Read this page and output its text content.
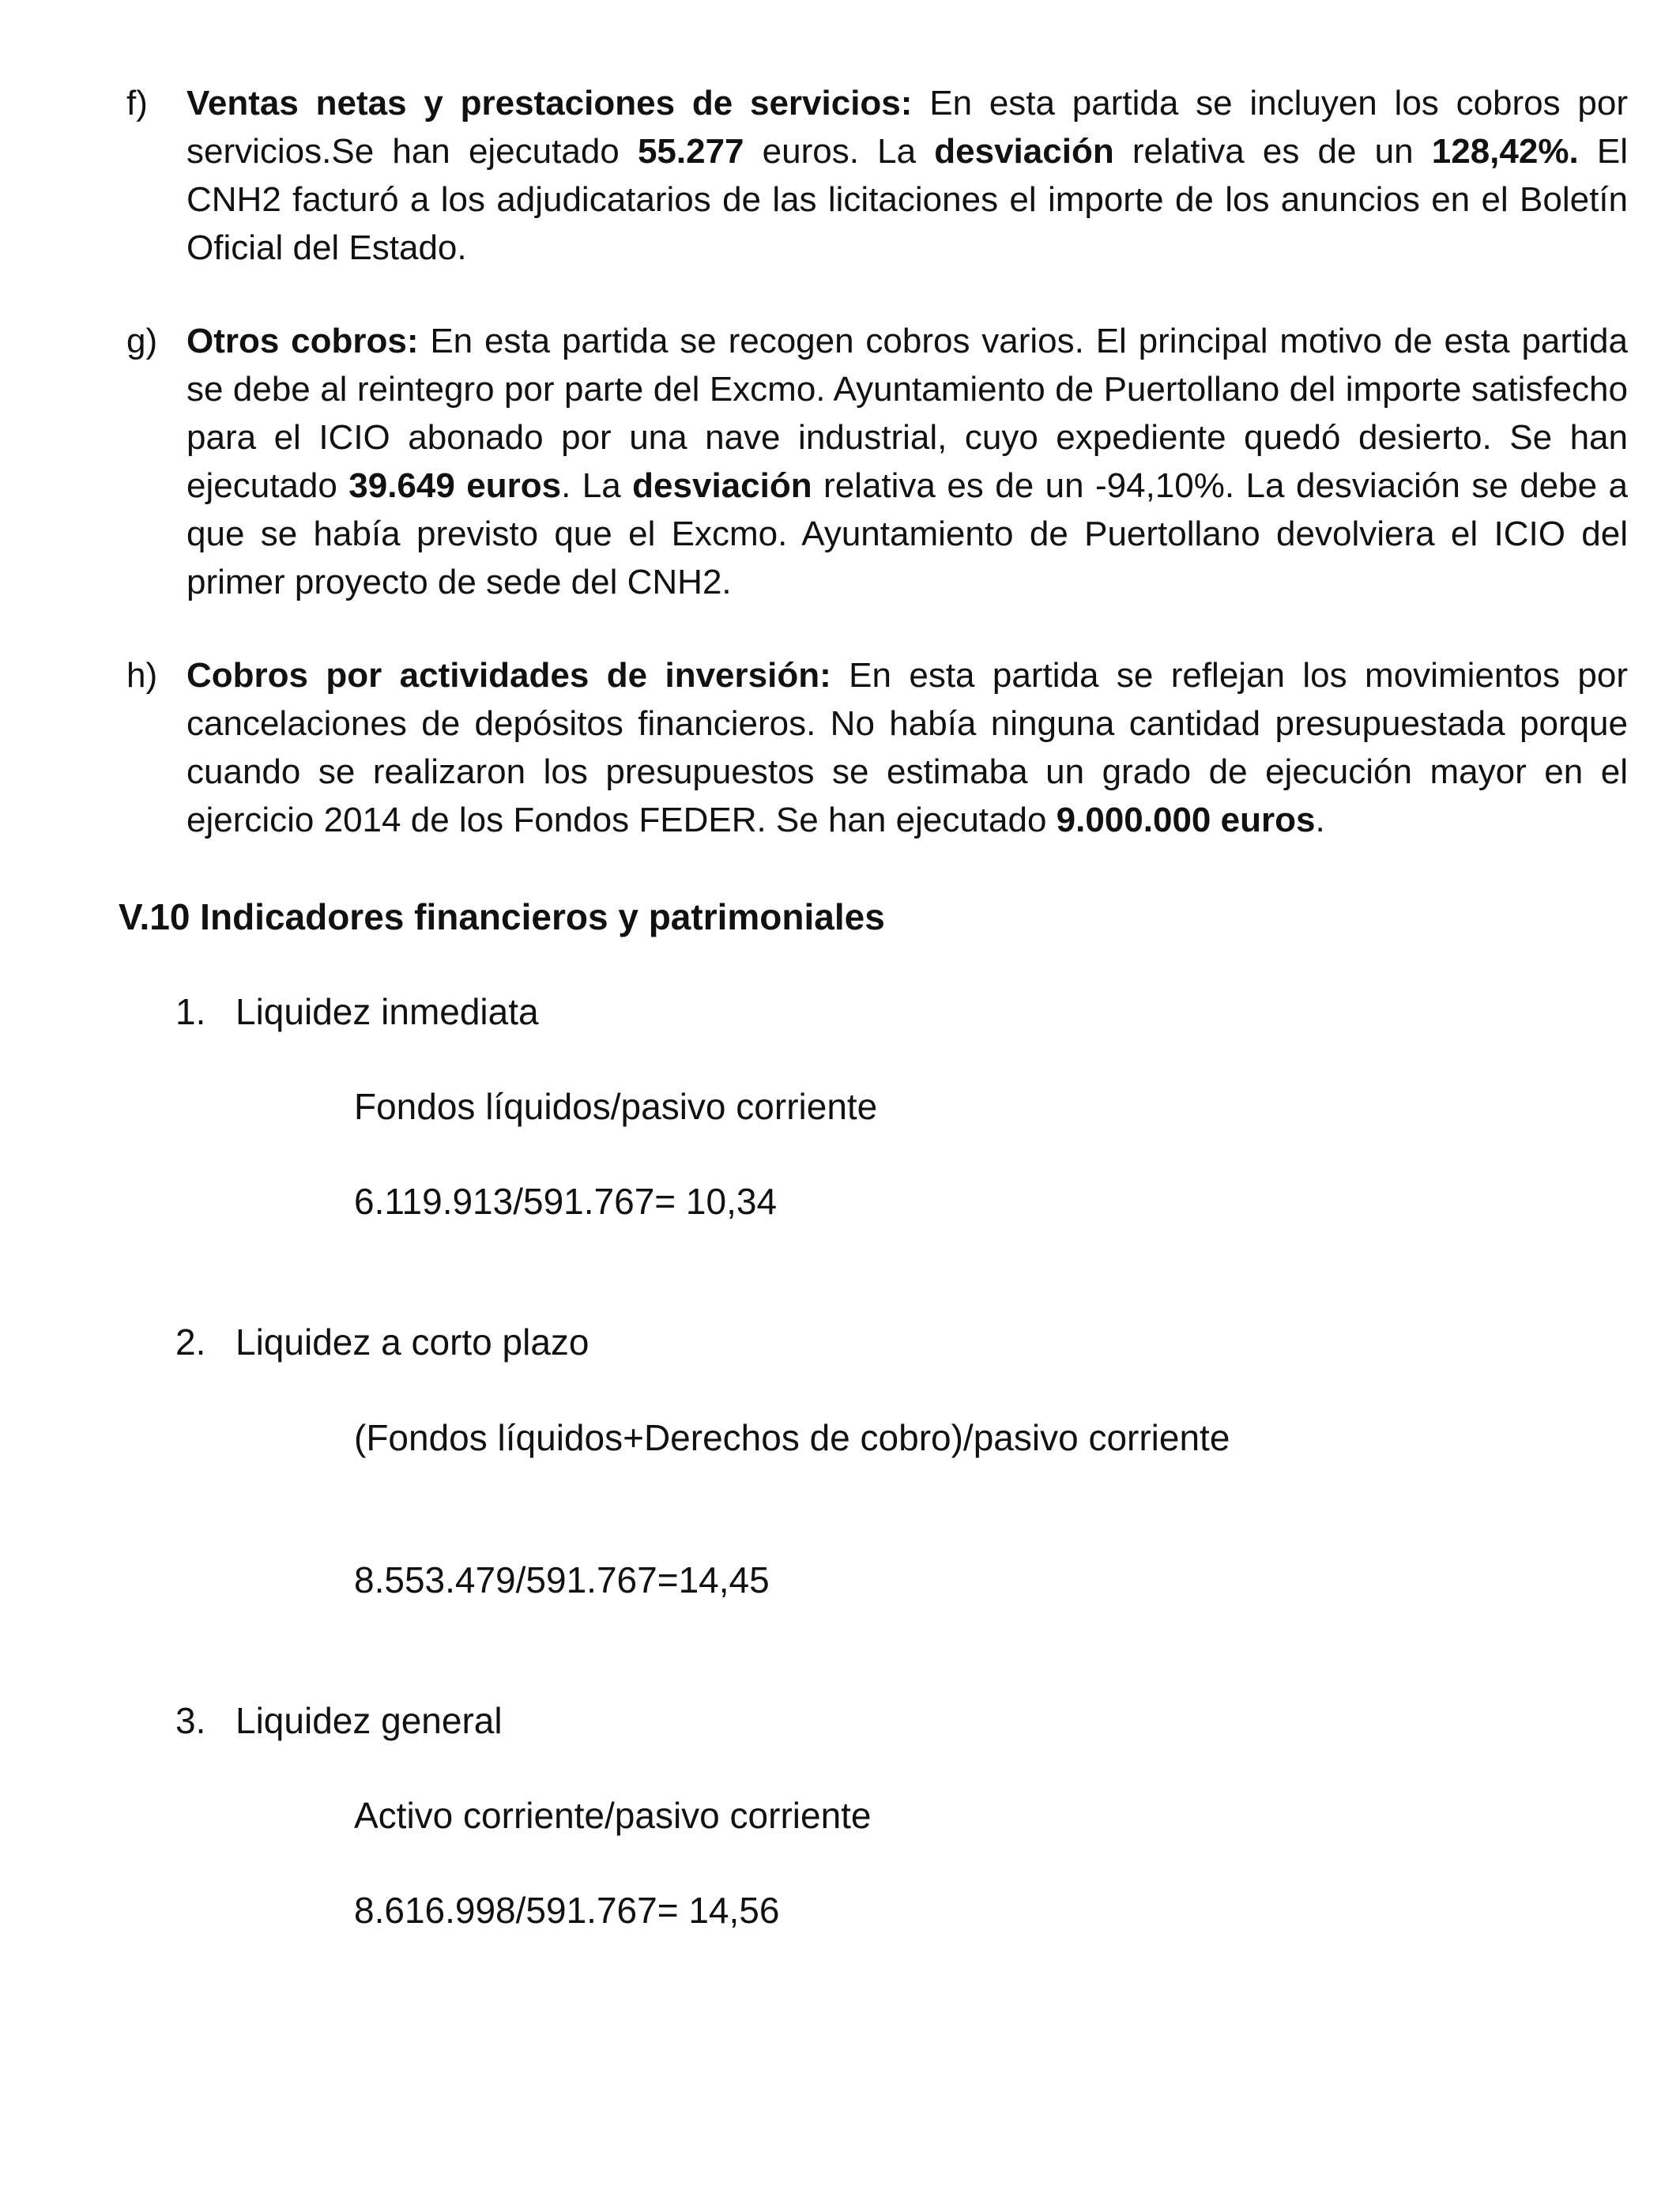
f)	Ventas netas y prestaciones de servicios: En esta partida se incluyen los cobros por servicios.Se han ejecutado 55.277 euros. La desviación relativa es de un 128,42%. El CNH2 facturó a los adjudicatarios de las licitaciones el importe de los anuncios en el Boletín Oficial del Estado.
g) Otros cobros: En esta partida se recogen cobros varios. El principal motivo de esta partida se debe al reintegro por parte del Excmo. Ayuntamiento de Puertollano del importe satisfecho para el ICIO abonado por una nave industrial, cuyo expediente quedó desierto. Se han ejecutado 39.649 euros. La desviación relativa es de un -94,10%. La desviación se debe a que se había previsto que el Excmo. Ayuntamiento de Puertollano devolviera el ICIO del primer proyecto de sede del CNH2.
h) Cobros por actividades de inversión: En esta partida se reflejan los movimientos por cancelaciones de depósitos financieros. No había ninguna cantidad presupuestada porque cuando se realizaron los presupuestos se estimaba un grado de ejecución mayor en el ejercicio 2014 de los Fondos FEDER. Se han ejecutado 9.000.000 euros.
V.10 Indicadores financieros y patrimoniales
1. Liquidez inmediata
Fondos líquidos/pasivo corriente
6.119.913/591.767= 10,34
2. Liquidez a corto plazo
(Fondos líquidos+Derechos de cobro)/pasivo corriente
8.553.479/591.767=14,45
3. Liquidez general
Activo corriente/pasivo corriente
8.616.998/591.767= 14,56
